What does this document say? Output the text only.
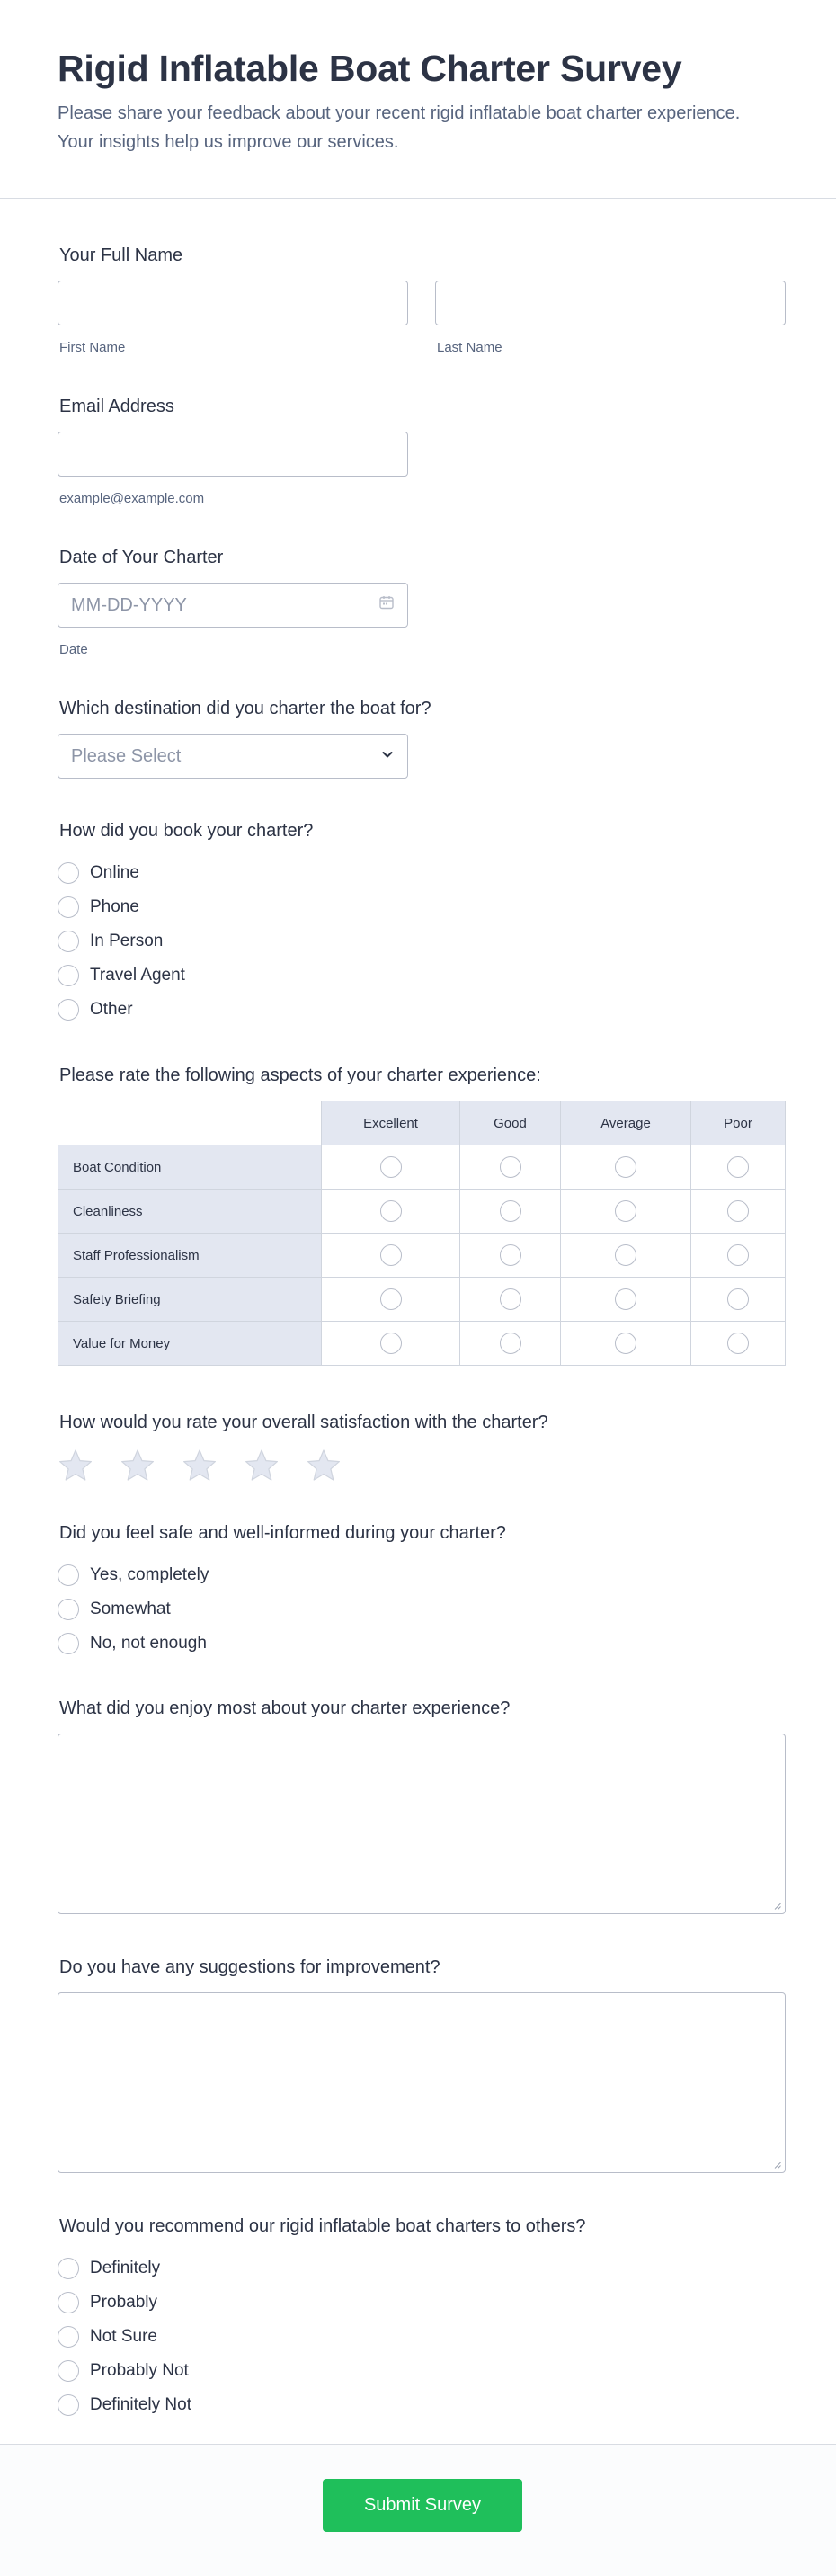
Rigid Inflatable Boat Charter Survey

Please share your feedback about your recent rigid inflatable boat charter experience. Your insights help us improve our services.

Your Full Name
First Name	Last Name
Email Address
example@example.com
Date of Your Charter
MM-DD-YYYY
Date
Which destination did you charter the boat for?
Please Select
How did you book your charter?
Online
Phone
In Person
Travel Agent
Other
Please rate the following aspects of your charter experience:
	Excellent	Good	Average	Poor
Boat Condition	

Cleanliness	

Staff Professionalism	

Safety Briefing	

Value for Money	

How would you rate your overall satisfaction with the charter?
Did you feel safe and well-informed during your charter?
Yes, completely
Somewhat
No, not enough
What did you enjoy most about your charter experience?
Do you have any suggestions for improvement?
Would you recommend our rigid inflatable boat charters to others?
Definitely
Probably
Not Sure
Probably Not
Definitely Not
Submit Survey
